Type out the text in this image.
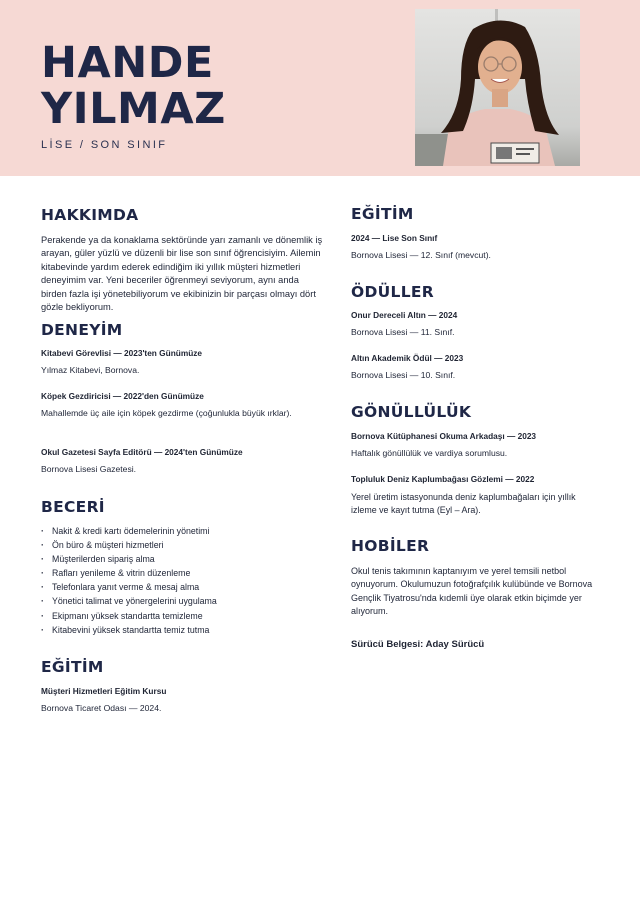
HANDE
YILMAZ
LİSE / SON SINIF
HAKKIMDA
Perakende ya da konaklama sektöründe yarı zamanlı ve dönemlik iş arayan, güler yüzlü ve düzenli bir lise son sınıf öğrencisiyim. Ailemin kitabevinde yardım ederek edindiğim iki yıllık müşteri hizmetleri deneyimim var. Yeni beceriler öğrenmeyi seviyorum, aynı anda birden fazla işi yönetebiliyorum ve ekibinizin bir parçası olmayı dört gözle bekliyorum.
DENEYİM
Kitabevi Görevlisi — 2023'ten Günümüze
Yılmaz Kitabevi, Bornova.
Köpek Gezdiricisi — 2022'den Günümüze
Mahallemde üç aile için köpek gezdirme (çoğunlukla büyük ırklar).
Okul Gazetesi Sayfa Editörü — 2024'ten Günümüze
Bornova Lisesi Gazetesi.
BECERİ
· Nakit & kredi kartı ödemelerinin yönetimi
· Ön büro & müşteri hizmetleri
· Müşterilerden sipariş alma
· Rafları yenileme & vitrin düzenleme
· Telefonlara yanıt verme & mesaj alma
· Yönetici talimat ve yönergelerini uygulama
· Ekipmanı yüksek standartta temizleme
· Kitabevini yüksek standartta temiz tutma
EĞİTİM
Müşteri Hizmetleri Eğitim Kursu
Bornova Ticaret Odası — 2024.
EĞİTİM
2024 — Lise Son Sınıf
Bornova Lisesi — 12. Sınıf (mevcut).
ÖDÜLLER
Onur Dereceli Altın — 2024
Bornova Lisesi — 11. Sınıf.
Altın Akademik Ödül — 2023
Bornova Lisesi — 10. Sınıf.
GÖNÜLLÜLÜK
Bornova Kütüphanesi Okuma Arkadaşı — 2023
Haftalık gönüllülük ve vardiya sorumlusu.
Topluluk Deniz Kaplumbağası Gözlemi — 2022
Yerel üretim istasyonunda deniz kaplumbağaları için yıllık izleme ve kayıt tutma (Eyl – Ara).
HOBİLER
Okul tenis takımının kaptanıyım ve yerel temsili netbol oynuyorum. Okulumuzun fotoğrafçılık kulübünde ve Bornova Gençlik Tiyatrosu'nda kıdemli üye olarak etkin biçimde yer alıyorum.
Sürücü Belgesi: Aday Sürücü
